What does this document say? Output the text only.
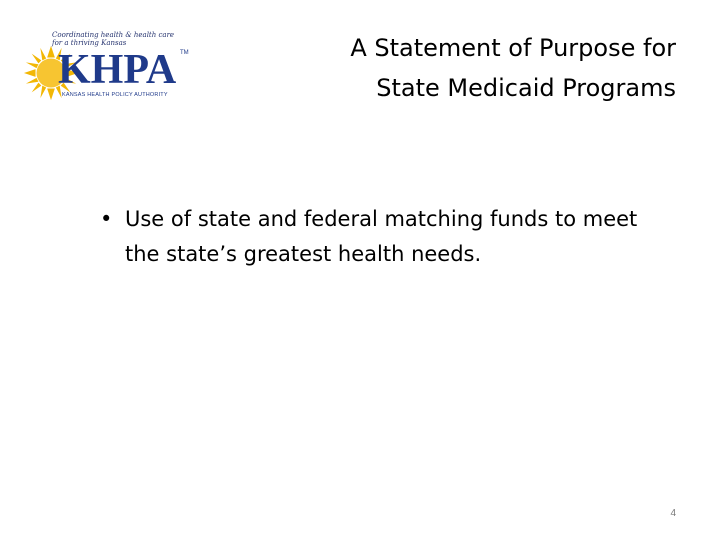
Coordinating health & health care
for a thriving Kansas
KHPA TM
KANSAS HEALTH POLICY AUTHORITY
A Statement of Purpose for
State Medicaid Programs
• Use of state and federal matching funds to meet the state’s greatest health needs.
4
